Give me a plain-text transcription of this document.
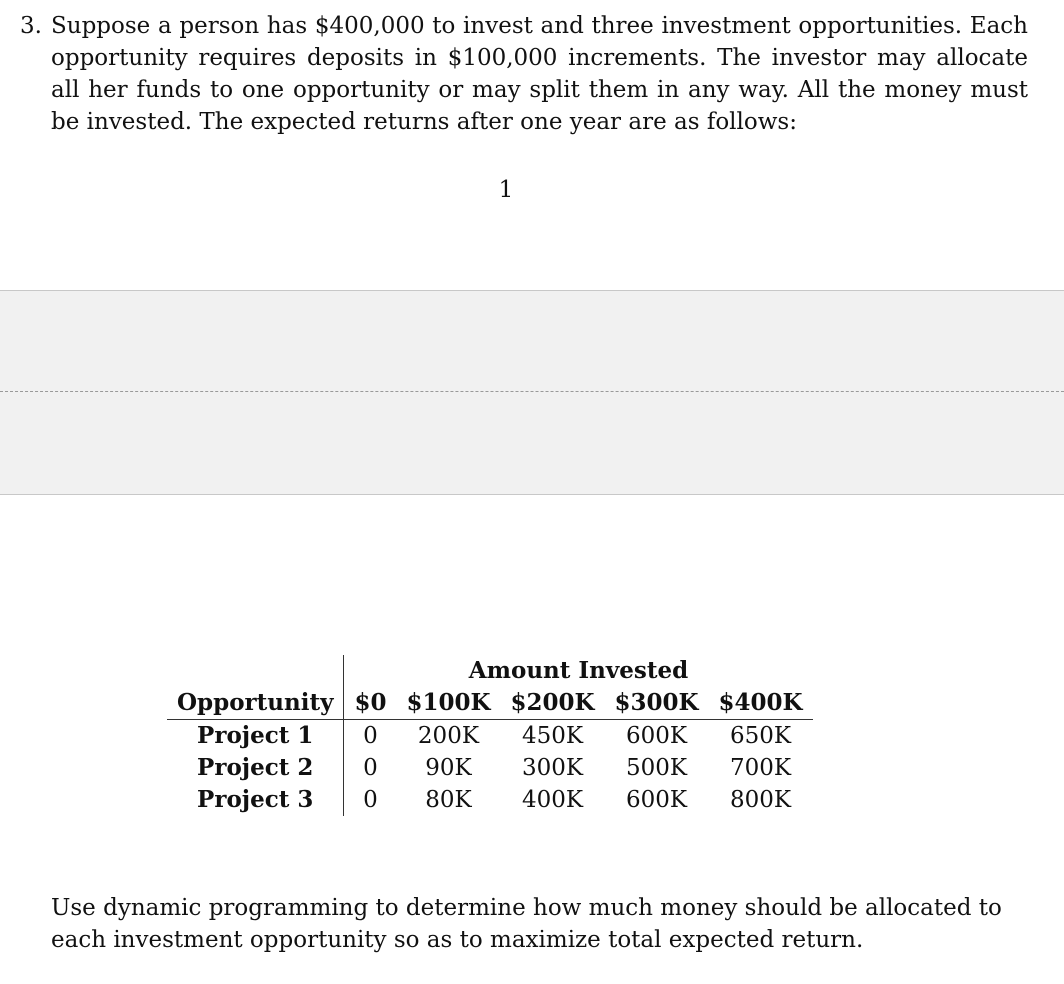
3. Suppose a person has $400,000 to invest and three investment opportunities. Each opportunity requires deposits in $100,000 increments. The investor may allocate all her funds to one opportunity or may split them in any way. All the money must be invested. The expected returns after one year are as follows:
1
	Amount Invested				
Opportunity	$0	$100K	$200K	$300K	$400K
Project 1	0	200K	450K	600K	650K
Project 2	0	90K	300K	500K	700K
Project 3	0	80K	400K	600K	800K
Use dynamic programming to determine how much money should be allocated to each investment opportunity so as to maximize total expected return.
